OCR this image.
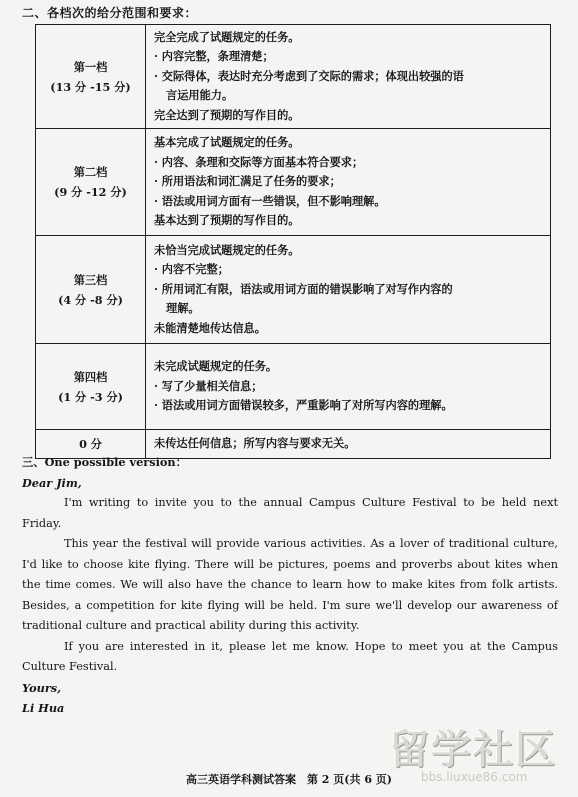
二、各档次的给分范围和要求：
第一档
(13 分 -15 分)	完全完成了试题规定的任务。
· 内容完整，条理清楚；
· 交际得体，表达时充分考虑到了交际的需求；体现出较强的语
言运用能力。
完全达到了预期的写作目的。

第二档
(9 分 -12 分)	基本完成了试题规定的任务。
· 内容、条理和交际等方面基本符合要求；
· 所用语法和词汇满足了任务的要求；
· 语法或用词方面有一些错误，但不影响理解。
基本达到了预期的写作目的。

第三档
(4 分 -8 分)	未恰当完成试题规定的任务。
· 内容不完整；
· 所用词汇有限，语法或用词方面的错误影响了对写作内容的
理解。
未能清楚地传达信息。

第四档
(1 分 -3 分)	未完成试题规定的任务。
· 写了少量相关信息；
· 语法或用词方面错误较多，严重影响了对所写内容的理解。

0 分	未传达任何信息；所写内容与要求无关。

三、One possible version：

Dear Jim,

I'm writing to invite you to the annual Campus Culture Festival to be held next Friday.

This year the festival will provide various activities. As a lover of traditional culture, I'd like to choose kite flying. There will be pictures, poems and proverbs about kites when the time comes. We will also have the chance to learn how to make kites from folk artists. Besides, a competition for kite flying will be held. I'm sure we'll develop our awareness of traditional culture and practical ability during this activity.

If you are interested in it, please let me know. Hope to meet you at the Campus Culture Festival.

Yours,

Li Hua

高三英语学科测试答案　第 2 页(共 6 页)
留学社区
bbs.liuxue86.com
